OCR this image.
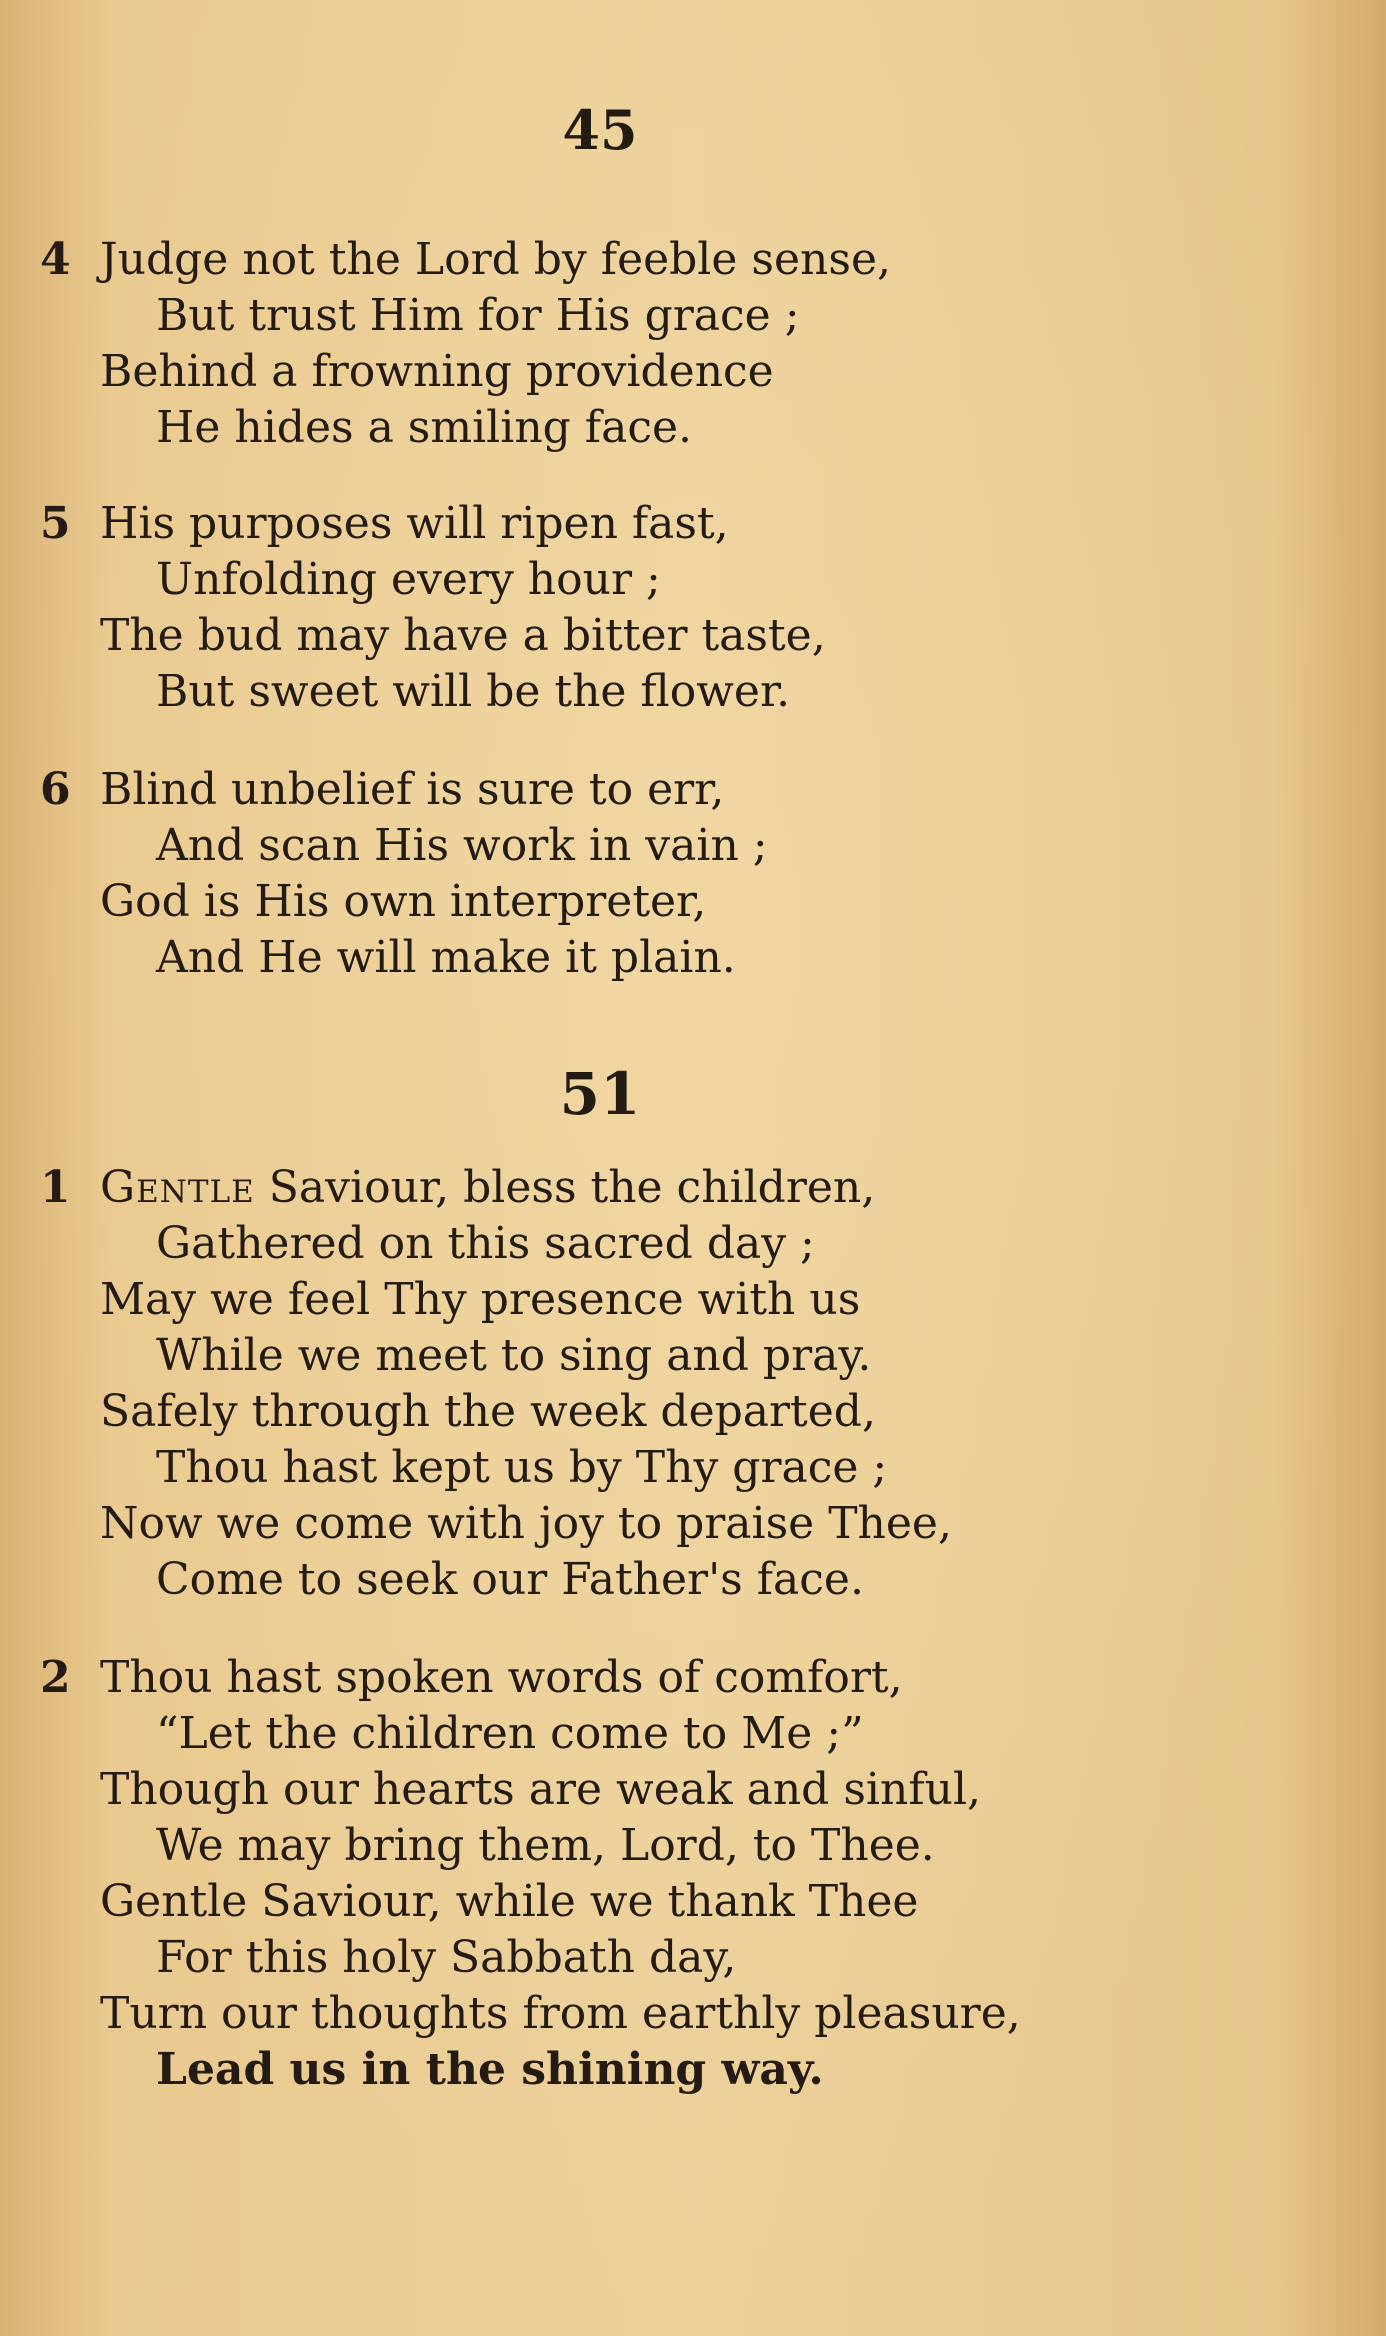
45
4 Judge not the Lord by feeble sense,
But trust Him for His grace ;
Behind a frowning providence
He hides a smiling face.
5 His purposes will ripen fast,
Unfolding every hour ;
The bud may have a bitter taste,
But sweet will be the flower.
6 Blind unbelief is sure to err,
And scan His work in vain ;
God is His own interpreter,
And He will make it plain.
51
1 Gentle Saviour, bless the children,
Gathered on this sacred day ;
May we feel Thy presence with us
While we meet to sing and pray.
Safely through the week departed,
Thou hast kept us by Thy grace ;
Now we come with joy to praise Thee,
Come to seek our Father's face.
2 Thou hast spoken words of comfort,
“Let the children come to Me ;”
Though our hearts are weak and sinful,
We may bring them, Lord, to Thee.
Gentle Saviour, while we thank Thee
For this holy Sabbath day,
Turn our thoughts from earthly pleasure,
Lead us in the shining way.
